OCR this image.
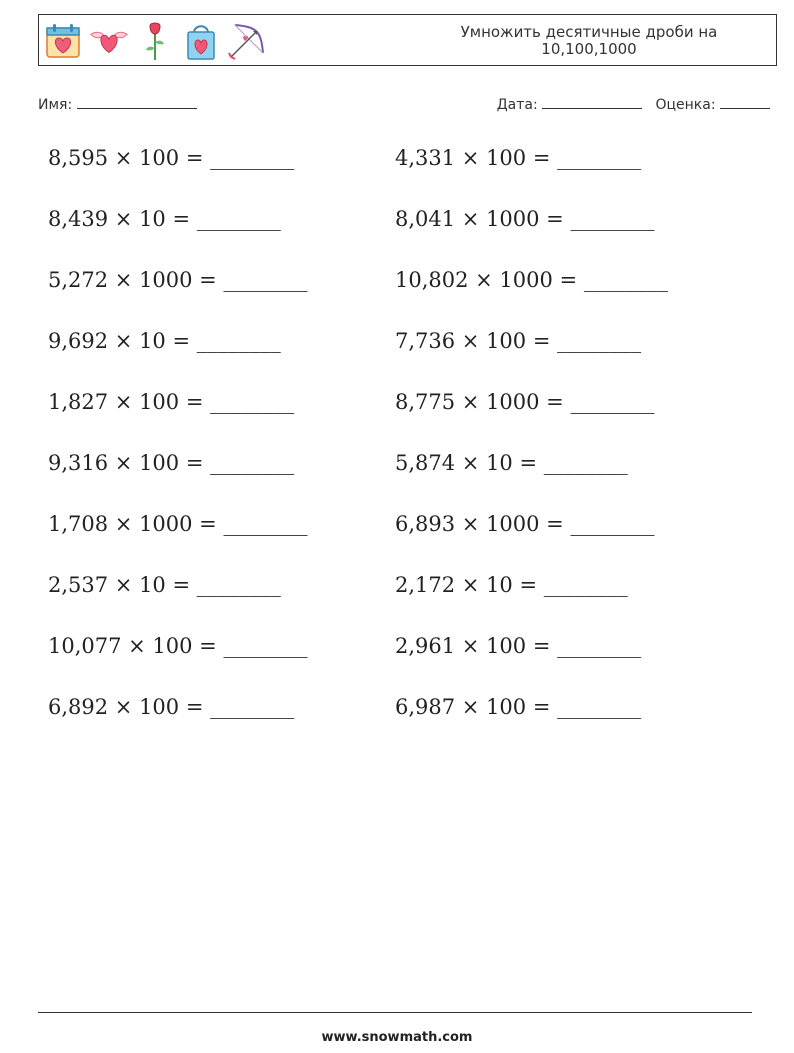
Умножить десятичные дроби на 10,100,1000
Имя:	Дата:	Оценка:
8,595 × 100 = ________	4,331 × 100 = ________
8,439 × 10 = ________	8,041 × 1000 = ________
5,272 × 1000 = ________	10,802 × 1000 = ________
9,692 × 10 = ________	7,736 × 100 = ________
1,827 × 100 = ________	8,775 × 1000 = ________
9,316 × 100 = ________	5,874 × 10 = ________
1,708 × 1000 = ________	6,893 × 1000 = ________
2,537 × 10 = ________	2,172 × 10 = ________
10,077 × 100 = ________	2,961 × 100 = ________
6,892 × 100 = ________	6,987 × 100 = ________
www.snowmath.com
